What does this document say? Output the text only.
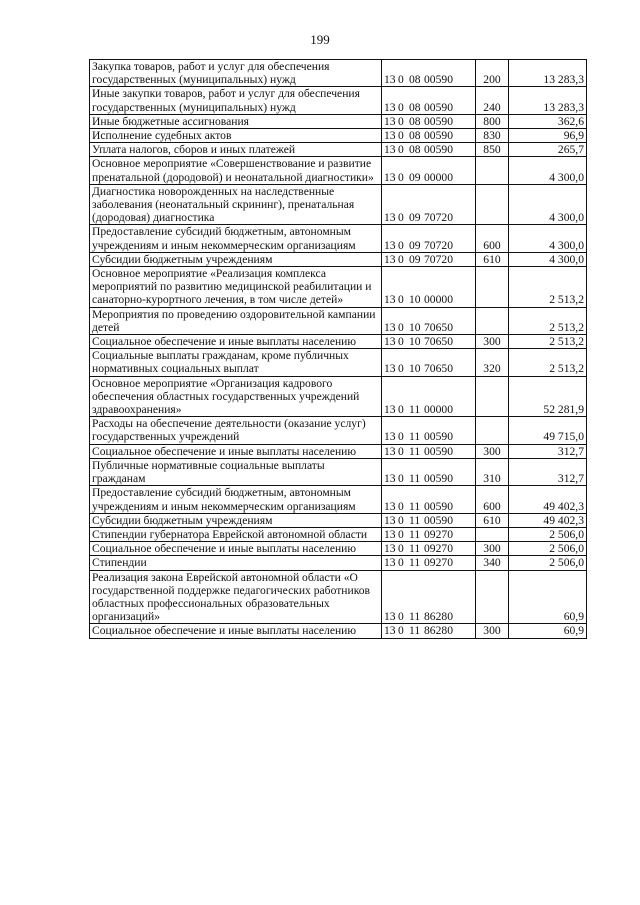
199
Закупка товаров, работ и услуг для обеспечения государственных (муниципальных) нужд	13 0 08 00590	200	13 283,3
Иные закупки товаров, работ и услуг для обеспечения государственных (муниципальных) нужд	13 0 08 00590	240	13 283,3
Иные бюджетные ассигнования	13 0 08 00590	800	362,6
Исполнение судебных актов	13 0 08 00590	830	96,9
Уплата налогов, сборов и иных платежей	13 0 08 00590	850	265,7
Основное мероприятие «Совершенствование и развитие пренатальной (дородовой) и неонатальной диагностики»	13 0 09 00000		4 300,0
Диагностика новорожденных на наследственные заболевания (неонатальный скрининг), пренатальная (дородовая) диагностика	13 0 09 70720		4 300,0
Предоставление субсидий бюджетным, автономным учреждениям и иным некоммерческим организациям	13 0 09 70720	600	4 300,0
Субсидии бюджетным учреждениям	13 0 09 70720	610	4 300,0
Основное мероприятие «Реализация комплекса мероприятий по развитию медицинской реабилитации и санаторно-курортного лечения, в том числе детей»	13 0 10 00000		2 513,2
Мероприятия по проведению оздоровительной кампании детей	13 0 10 70650		2 513,2
Социальное обеспечение и иные выплаты населению	13 0 10 70650	300	2 513,2
Социальные выплаты гражданам, кроме публичных нормативных социальных выплат	13 0 10 70650	320	2 513,2
Основное мероприятие «Организация кадрового обеспечения областных государственных учреждений здравоохранения»	13 0 11 00000		52 281,9
Расходы на обеспечение деятельности (оказание услуг) государственных учреждений	13 0 11 00590		49 715,0
Социальное обеспечение и иные выплаты населению	13 0 11 00590	300	312,7
Публичные нормативные социальные выплаты гражданам	13 0 11 00590	310	312,7
Предоставление субсидий бюджетным, автономным учреждениям и иным некоммерческим организациям	13 0 11 00590	600	49 402,3
Субсидии бюджетным учреждениям	13 0 11 00590	610	49 402,3
Стипендии губернатора Еврейской автономной области	13 0 11 09270		2 506,0
Социальное обеспечение и иные выплаты населению	13 0 11 09270	300	2 506,0
Стипендии	13 0 11 09270	340	2 506,0
Реализация закона Еврейской автономной области «О государственной поддержке педагогических работников областных профессиональных образовательных организаций»	13 0 11 86280		60,9
Социальное обеспечение и иные выплаты населению	13 0 11 86280	300	60,9
